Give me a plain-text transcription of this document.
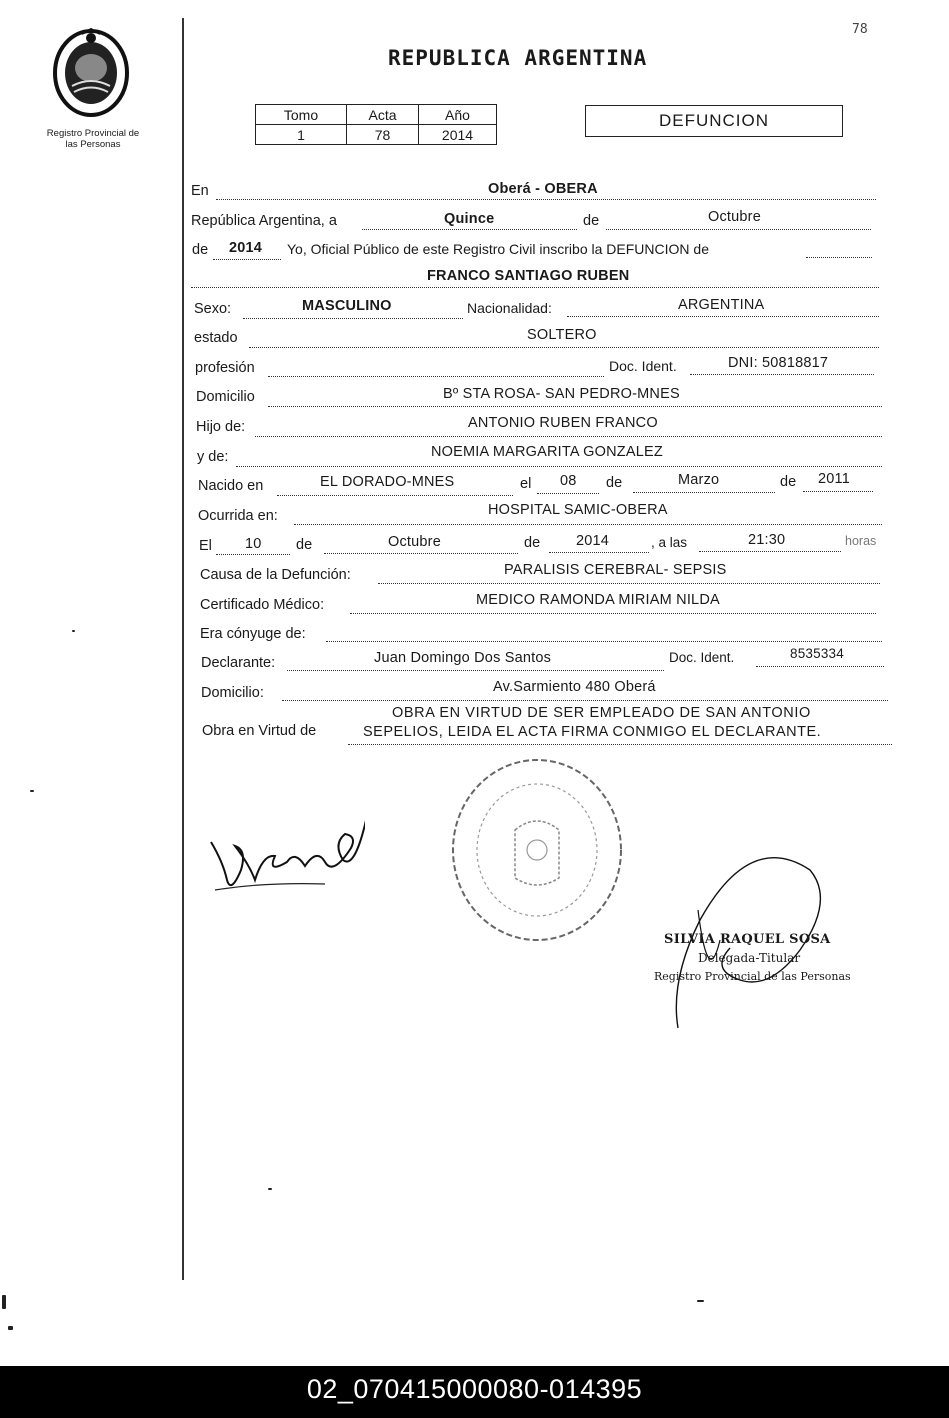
78
Registro Provincial de
las Personas
REPUBLICA ARGENTINA
Tomo	Acta	Año
1	78	2014
DEFUNCION
En	Oberá - OBERA
República Argentina, a	Quince	de	Octubre
de 2014 Yo, Oficial Público de este Registro Civil inscribo la DEFUNCION de
FRANCO SANTIAGO RUBEN
Sexo:	MASCULINO	Nacionalidad:	ARGENTINA
estado	SOLTERO
profesión	Doc. Ident.	DNI: 50818817
Domicilio	Bº STA ROSA- SAN PEDRO-MNES
Hijo de:	ANTONIO RUBEN FRANCO
y de:	NOEMIA MARGARITA GONZALEZ
Nacido en	EL DORADO-MNES	el 08 de	Marzo	de 2011
Ocurrida en:	HOSPITAL SAMIC-OBERA
El 10 de	Octubre	de 2014	, a las	21:30	horas
Causa de la Defunción:	PARALISIS CEREBRAL- SEPSIS
Certificado Médico:	MEDICO RAMONDA MIRIAM NILDA
Era cónyuge de:
Declarante:	Juan Domingo Dos Santos	Doc. Ident.	8535334
Domicilio:	Av.Sarmiento 480 Oberá
Obra en Virtud de
OBRA EN VIRTUD DE SER EMPLEADO DE SAN ANTONIO
SEPELIOS, LEIDA EL ACTA FIRMA CONMIGO EL DECLARANTE.
SILVIA RAQUEL SOSA
Delegada-Titular
Registro Provincial de las Personas
02_070415000080-014395
